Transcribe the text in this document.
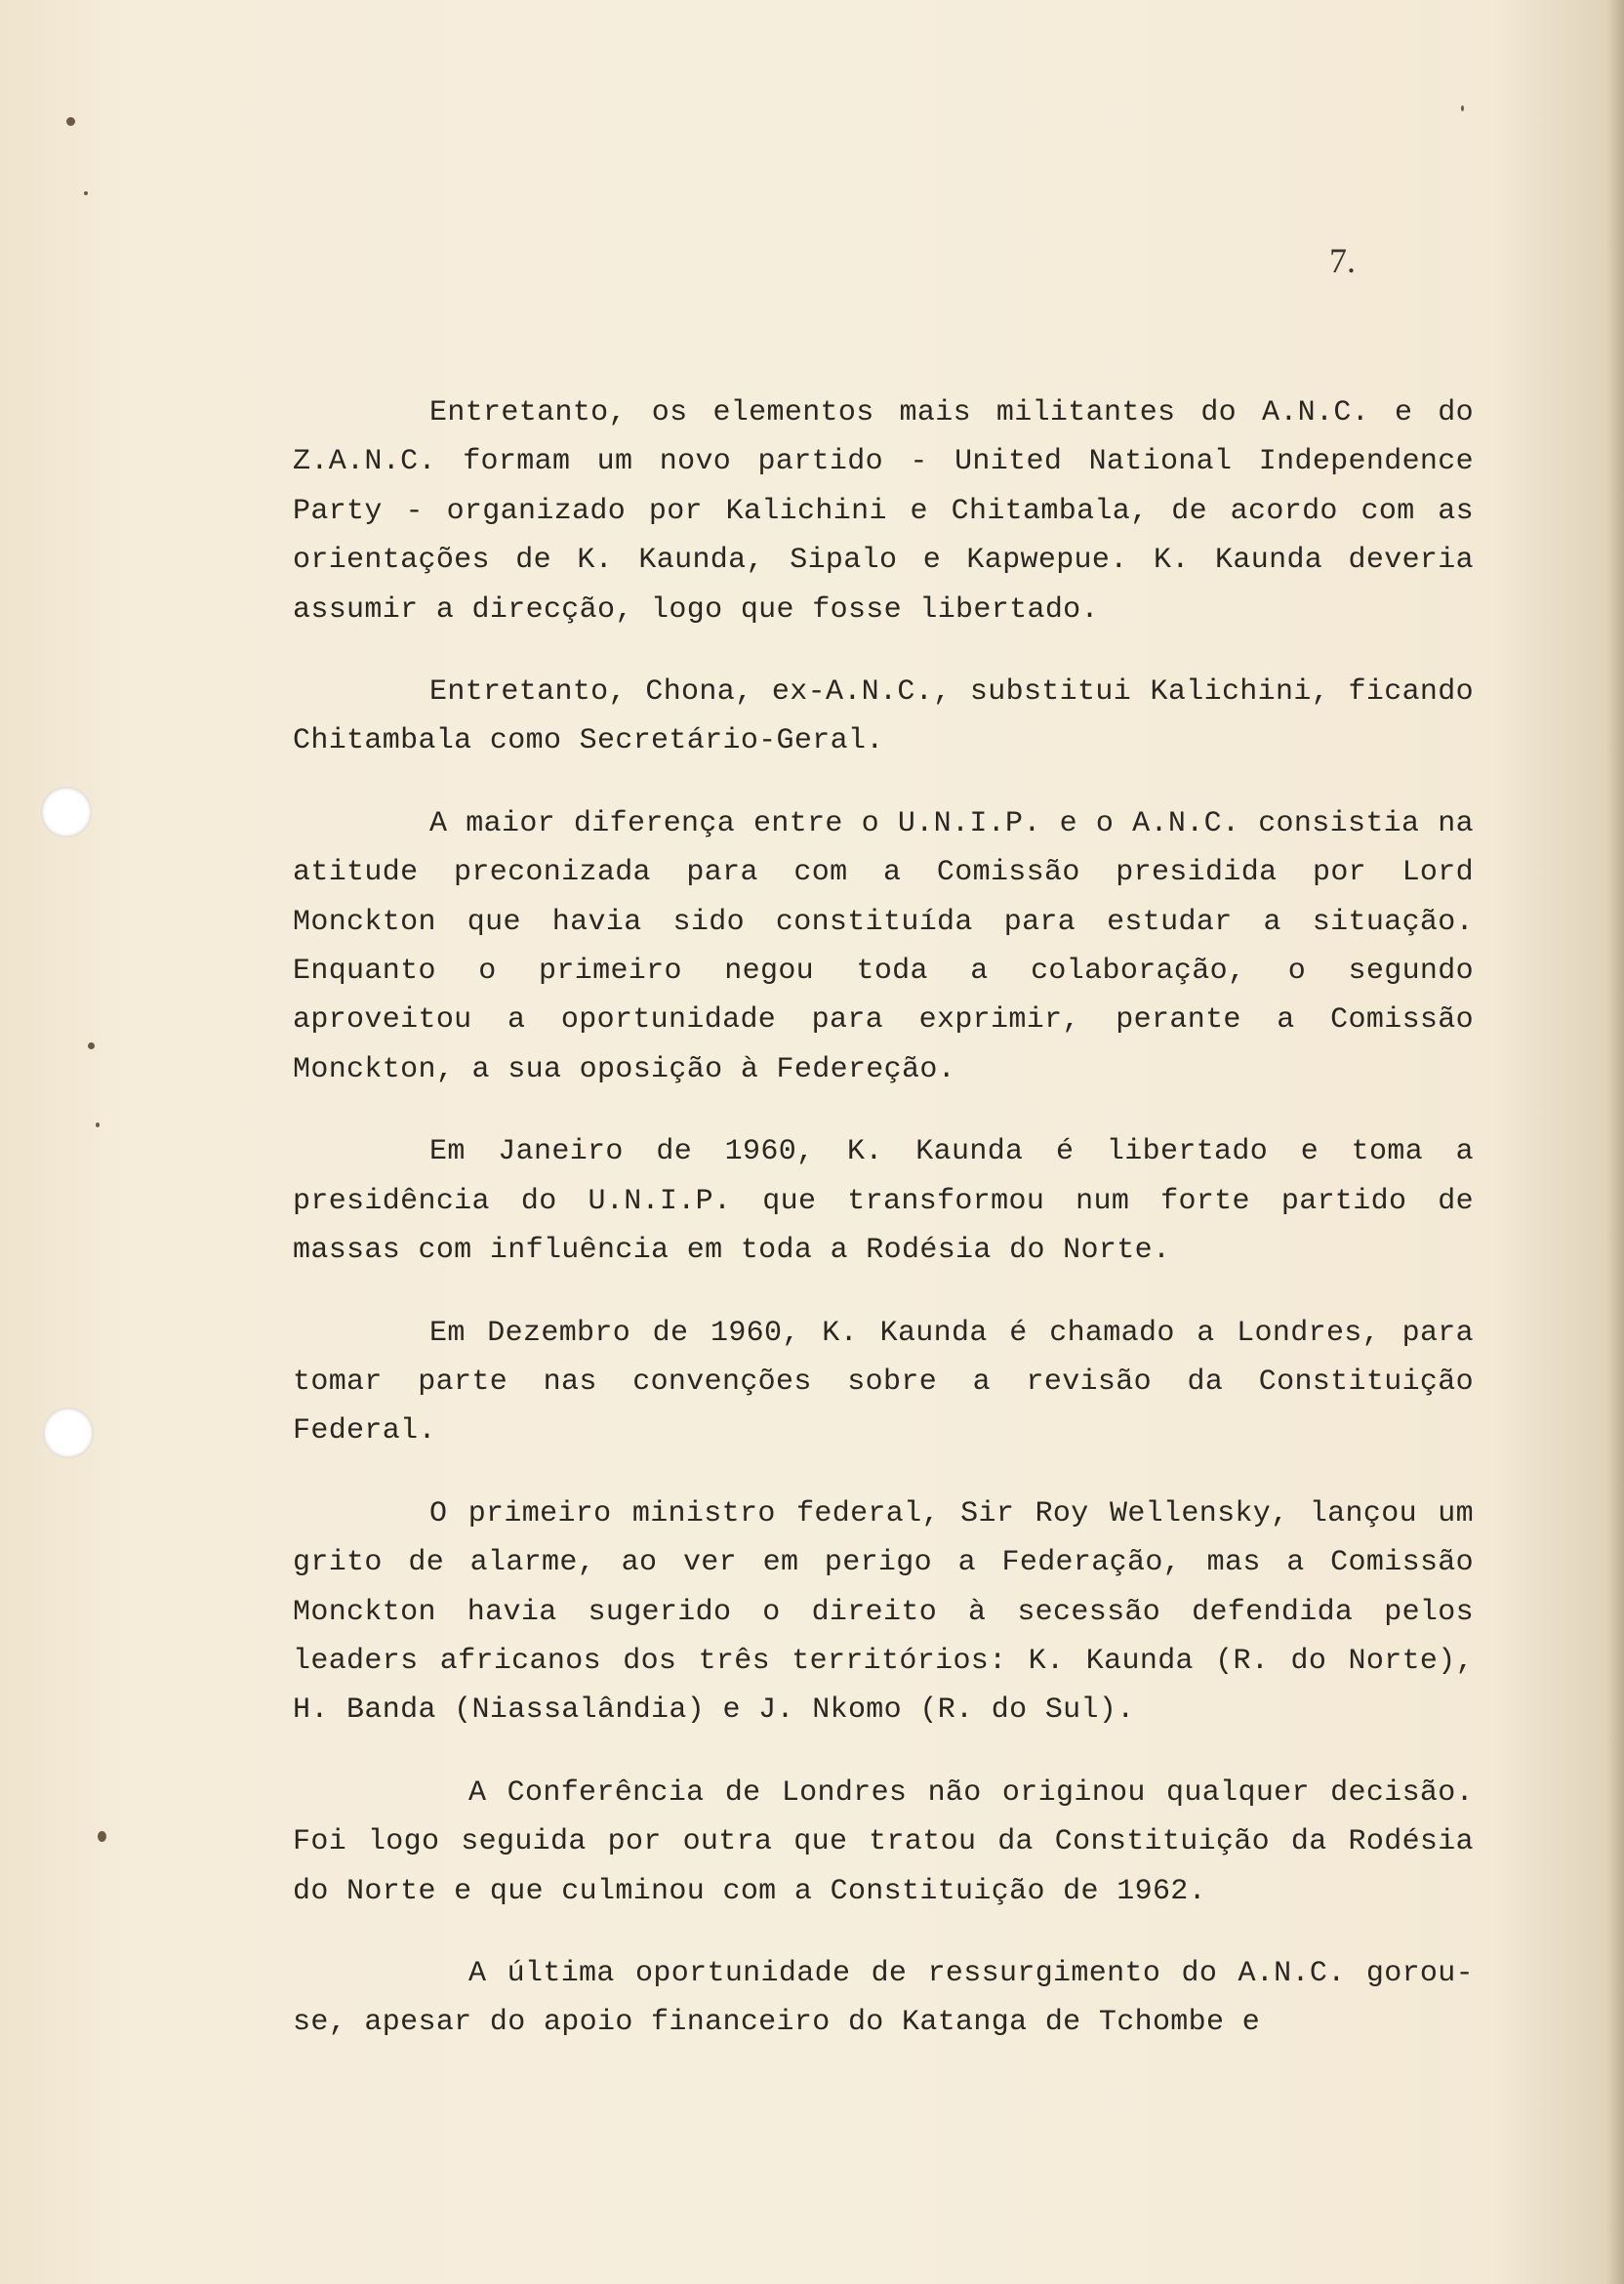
7.

Entretanto, os elementos mais militantes do A.N.C. e do Z.A.N.C. formam um novo partido - United National Independence Party - organizado por Kalichini e Chitambala, de acordo com as orientações de K. Kaunda, Sipalo e Kapwepue. K. Kaunda deveria assumir a direcção, logo que fosse libertado.

Entretanto, Chona, ex-A.N.C., substitui Kalichini, ficando Chitambala como Secretário-Geral.

A maior diferença entre o U.N.I.P. e o A.N.C. consistia na atitude preconizada para com a Comissão presidida por Lord Monckton que havia sido constituída para estudar a situação. Enquanto o primeiro negou toda a colaboração, o segundo aproveitou a oportunidade para exprimir, perante a Comissão Monckton, a sua oposição à Federeção.

Em Janeiro de 1960, K. Kaunda é libertado e toma a presidência do U.N.I.P. que transformou num forte partido de massas com influência em toda a Rodésia do Norte.

Em Dezembro de 1960, K. Kaunda é chamado a Londres, para tomar parte nas convenções sobre a revisão da Constituição Federal.

O primeiro ministro federal, Sir Roy Wellensky, lançou um grito de alarme, ao ver em perigo a Federação, mas a Comissão Monckton havia sugerido o direito à secessão defendida pelos leaders africanos dos três territórios: K. Kaunda (R. do Norte), H. Banda (Niassalândia) e J. Nkomo (R. do Sul).

A Conferência de Londres não originou qualquer decisão. Foi logo seguida por outra que tratou da Constituição da Rodésia do Norte e que culminou com a Constituição de 1962.

A última oportunidade de ressurgimento do A.N.C. gorou-se, apesar do apoio financeiro do Katanga de Tchombe e
